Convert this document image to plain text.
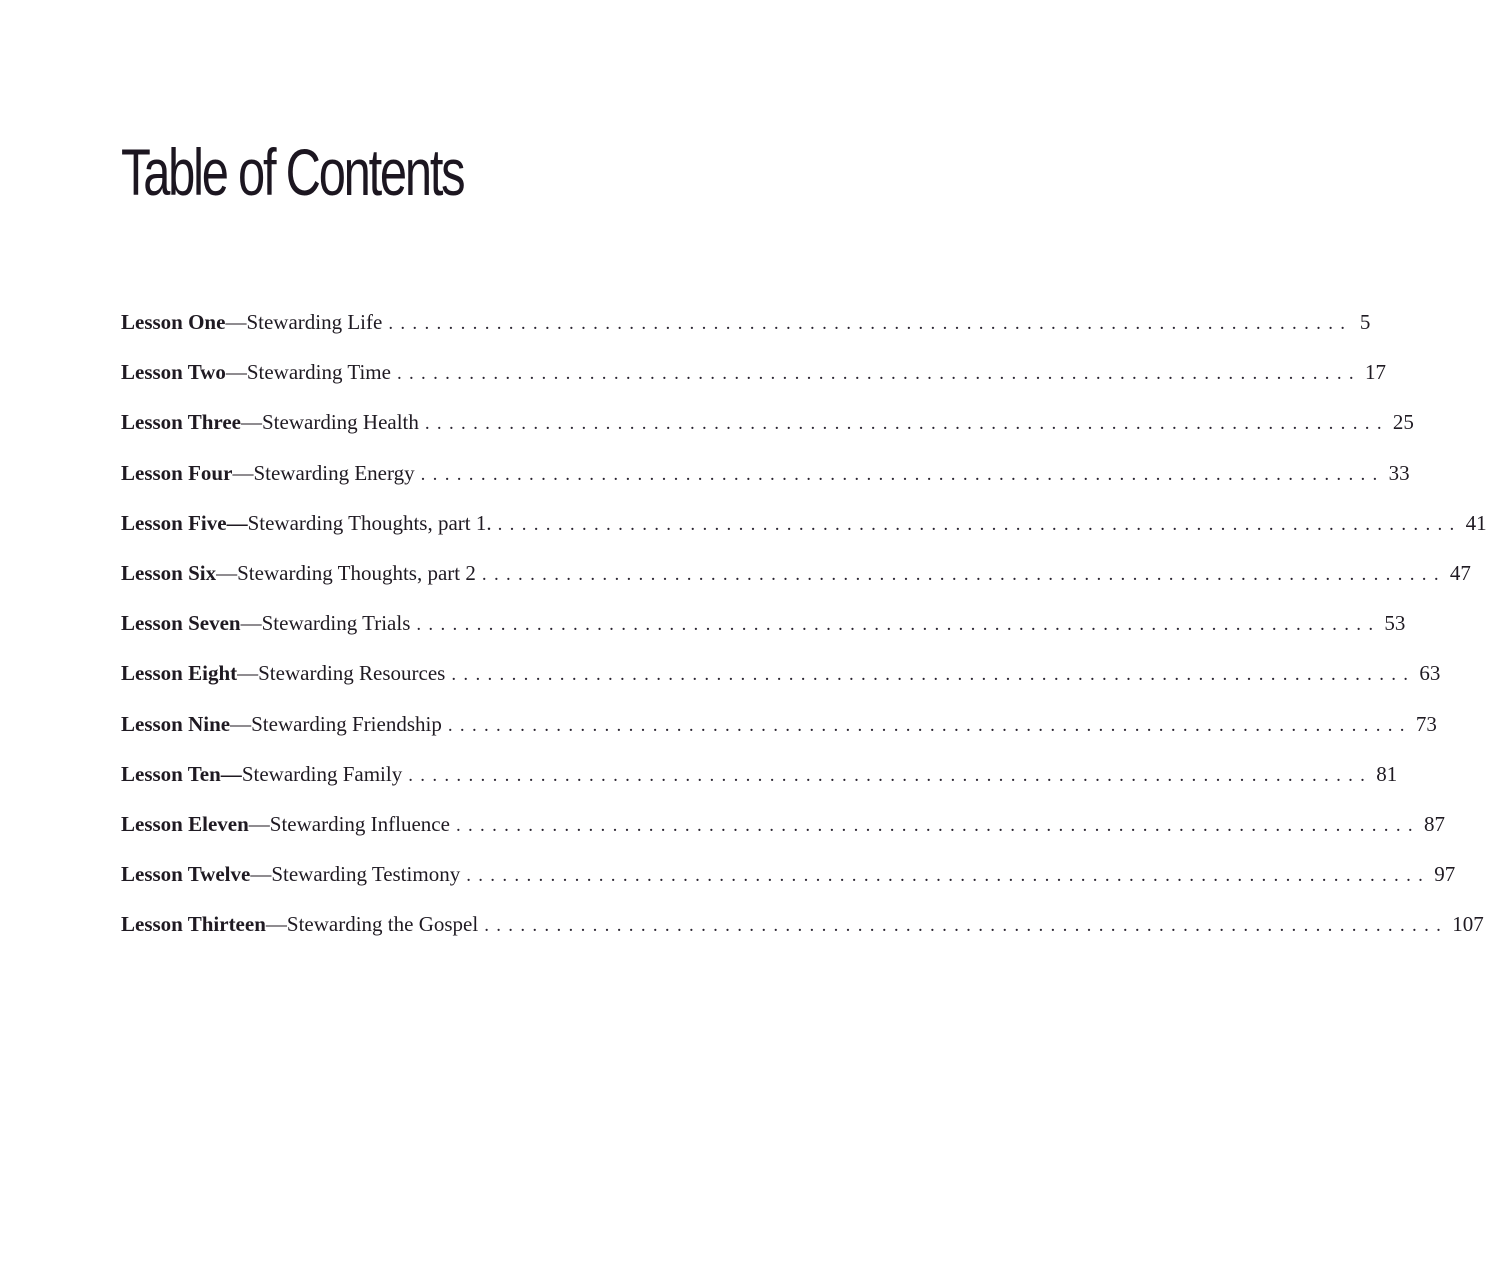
Table of Contents
Lesson One — Stewarding Life ................................................................................ 5
Lesson Two — Stewarding Time ................................................................................ 17
Lesson Three — Stewarding Health ................................................................................ 25
Lesson Four — Stewarding Energy ................................................................................ 33
Lesson Five— Stewarding Thoughts, part 1. ................................................................................ 41
Lesson Six — Stewarding Thoughts, part 2 ................................................................................ 47
Lesson Seven — Stewarding Trials ................................................................................ 53
Lesson Eight — Stewarding Resources ................................................................................ 63
Lesson Nine — Stewarding Friendship ................................................................................ 73
Lesson Ten— Stewarding Family ................................................................................ 81
Lesson Eleven — Stewarding Influence ................................................................................ 87
Lesson Twelve — Stewarding Testimony ................................................................................ 97
Lesson Thirteen — Stewarding the Gospel ................................................................................ 107
